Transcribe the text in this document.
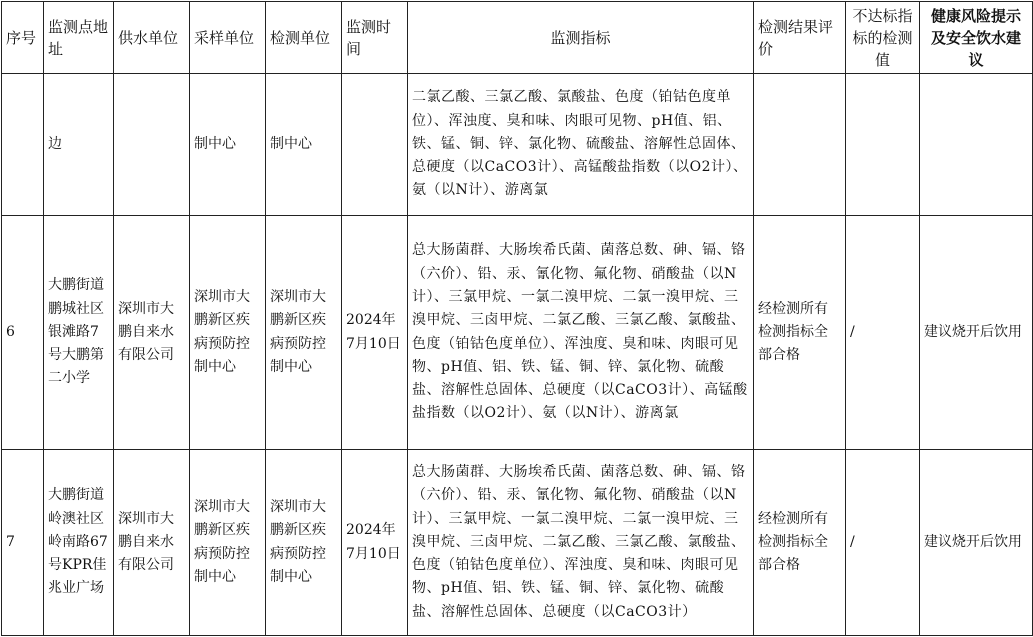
序号	监测点地址	供水单位	采样单位	检测单位	监测时间	监测指标	检测结果评价	不达标指标的检测值	健康风险提示及安全饮水建议
	边		制中心	制中心		二氯乙酸、三氯乙酸、氯酸盐、色度（铂钴色度单位）、浑浊度、臭和味、肉眼可见物、pH值、铝、铁、锰、铜、锌、氯化物、硫酸盐、溶解性总固体、总硬度（以CaCO3计）、高锰酸盐指数（以O2计）、氨（以N计）、游离氯			
6	大鹏街道鹏城社区银滩路7号大鹏第二小学	深圳市大鹏自来水有限公司	深圳市大鹏新区疾病预防控制中心	深圳市大鹏新区疾病预防控制中心	2024年7月10日	总大肠菌群、大肠埃希氏菌、菌落总数、砷、镉、铬（六价）、铅、汞、氰化物、氟化物、硝酸盐（以N计）、三氯甲烷、一氯二溴甲烷、二氯一溴甲烷、三溴甲烷、三卤甲烷、二氯乙酸、三氯乙酸、氯酸盐、色度（铂钴色度单位）、浑浊度、臭和味、肉眼可见物、pH值、铝、铁、锰、铜、锌、氯化物、硫酸盐、溶解性总固体、总硬度（以CaCO3计）、高锰酸盐指数（以O2计）、氨（以N计）、游离氯	经检测所有检测指标全部合格	/	建议烧开后饮用
7	大鹏街道岭澳社区岭南路67号KPR佳兆业广场	深圳市大鹏自来水有限公司	深圳市大鹏新区疾病预防控制中心	深圳市大鹏新区疾病预防控制中心	2024年7月10日	总大肠菌群、大肠埃希氏菌、菌落总数、砷、镉、铬（六价）、铅、汞、氰化物、氟化物、硝酸盐（以N计）、三氯甲烷、一氯二溴甲烷、二氯一溴甲烷、三溴甲烷、三卤甲烷、二氯乙酸、三氯乙酸、氯酸盐、色度（铂钴色度单位）、浑浊度、臭和味、肉眼可见物、pH值、铝、铁、锰、铜、锌、氯化物、硫酸盐、溶解性总固体、总硬度（以CaCO3计）	经检测所有检测指标全部合格	/	建议烧开后饮用
